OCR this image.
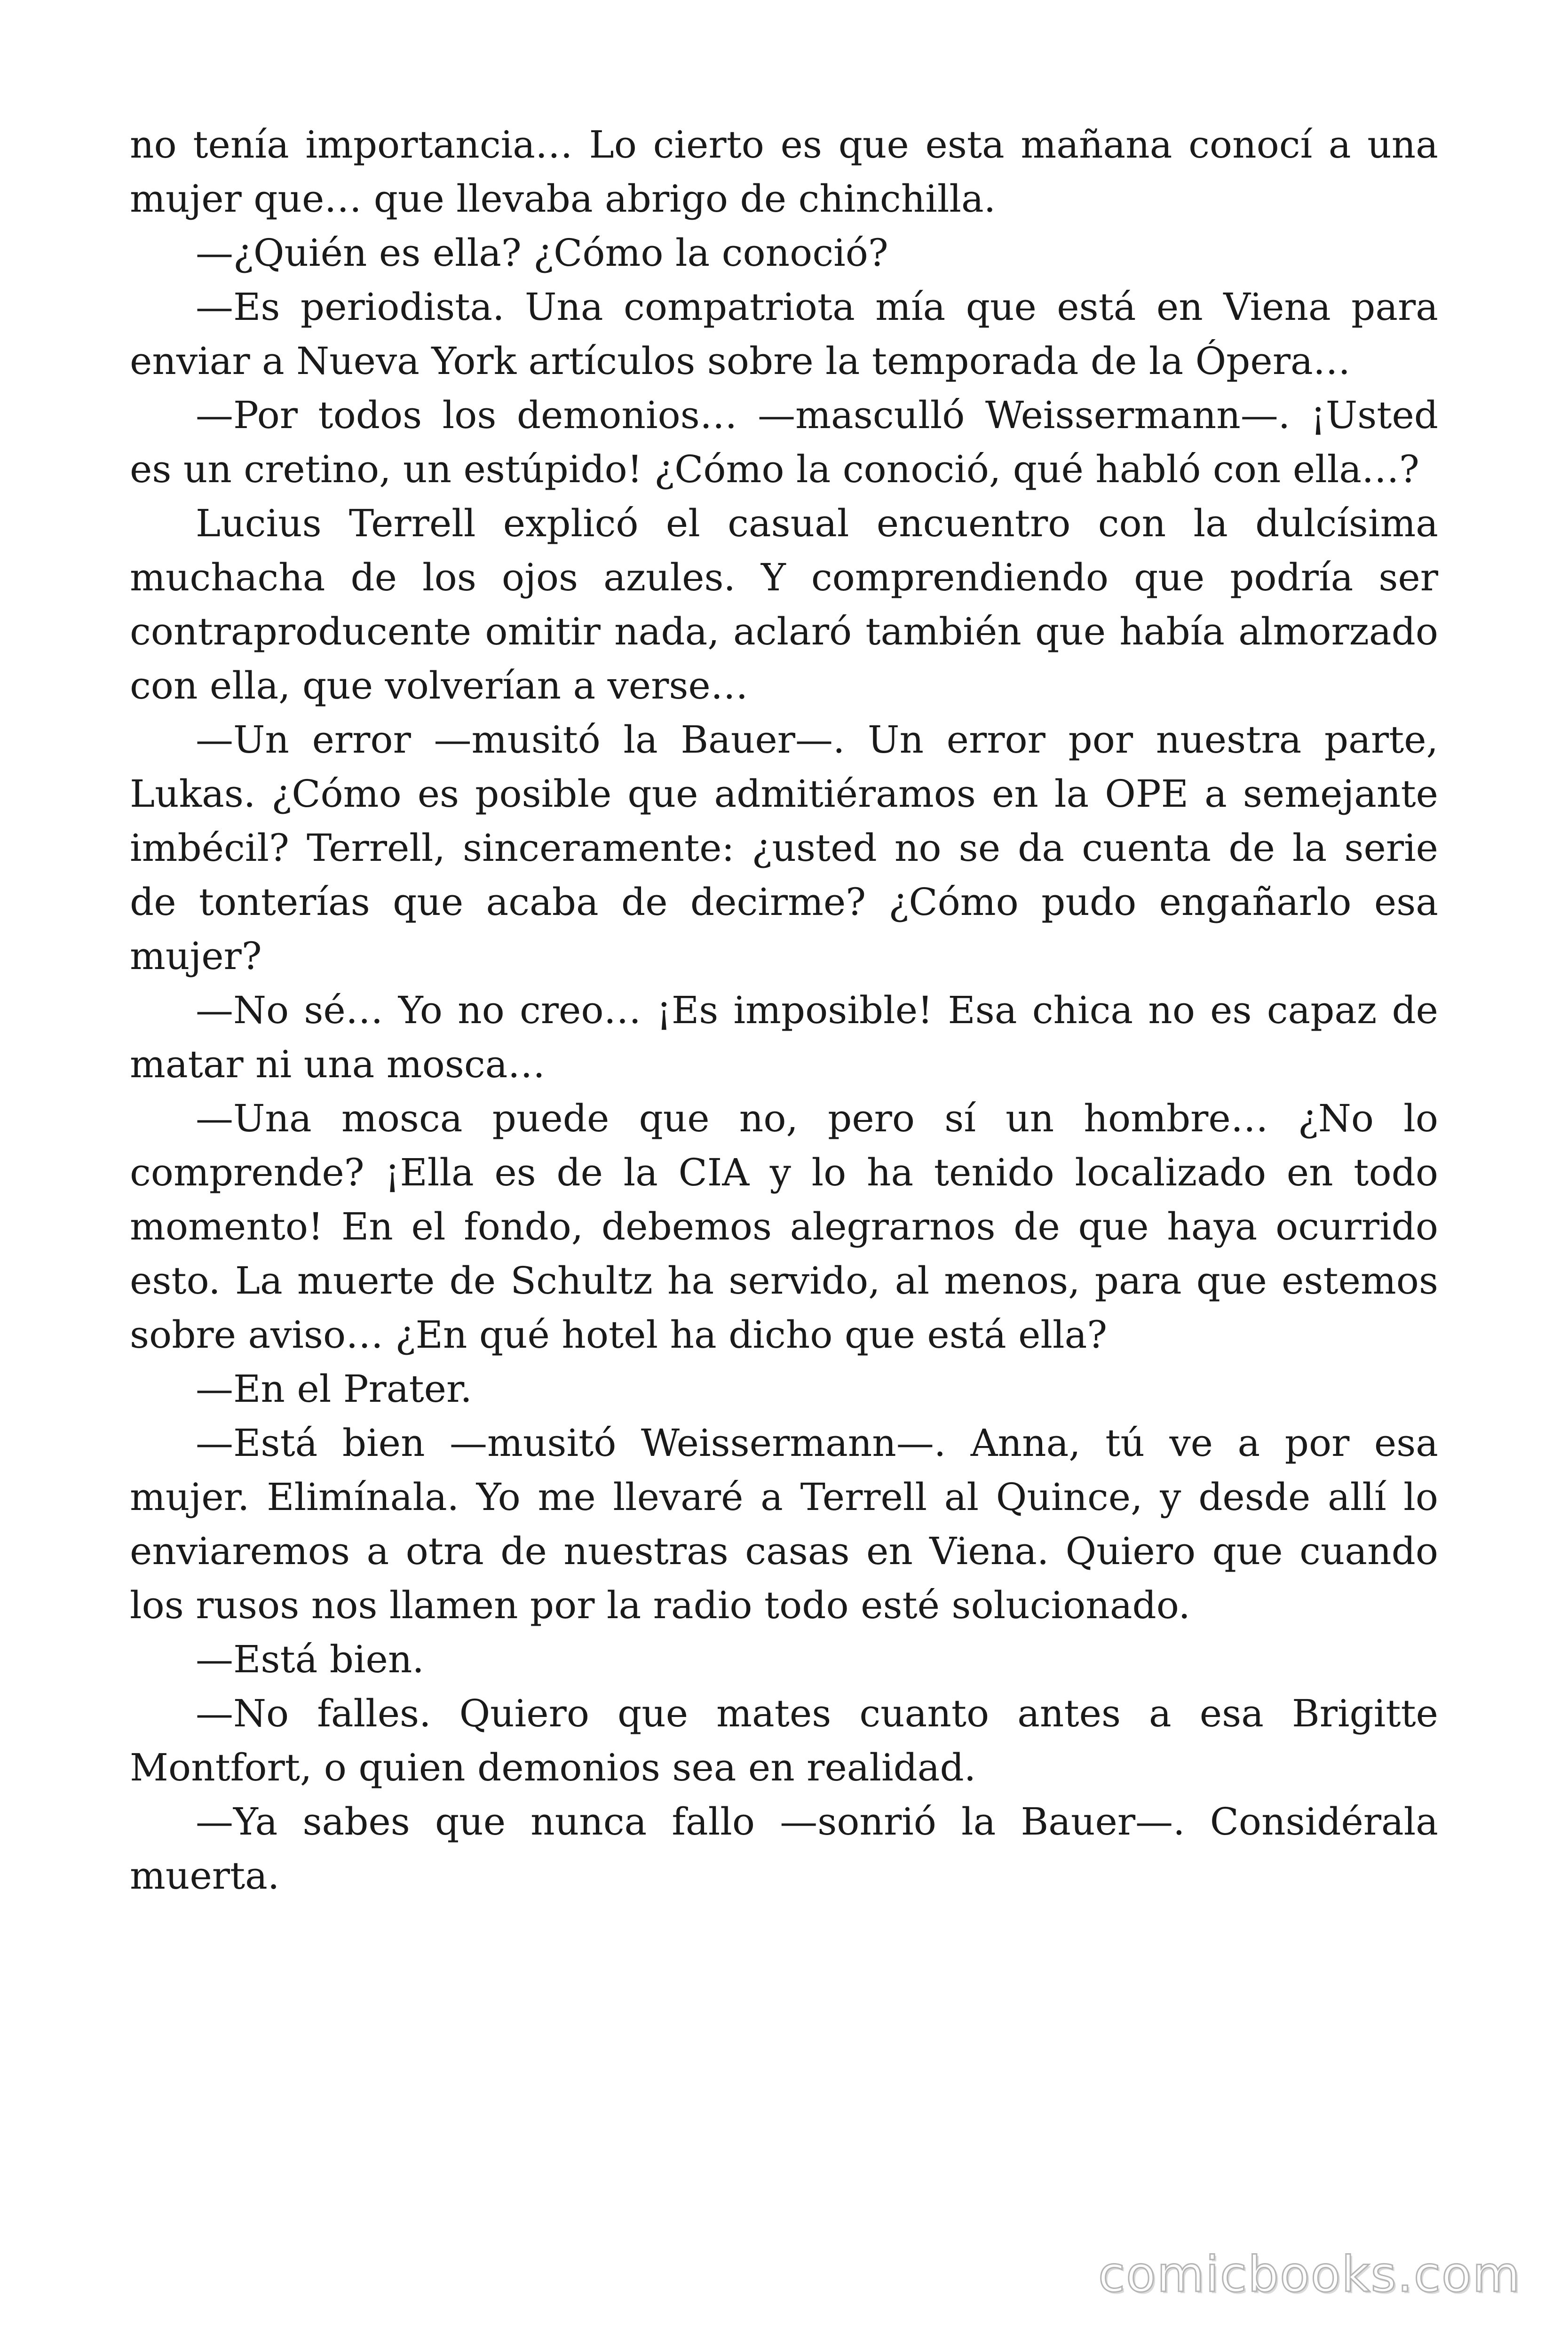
no tenía importancia… Lo cierto es que esta mañana conocí a una mujer que… que llevaba abrigo de chinchilla.

—¿Quién es ella? ¿Cómo la conoció?

—Es periodista. Una compatriota mía que está en Viena para enviar a Nueva York artículos sobre la temporada de la Ópera…

—Por todos los demonios… —masculló Weissermann—. ¡Usted es un cretino, un estúpido! ¿Cómo la conoció, qué habló con ella…?

Lucius Terrell explicó el casual encuentro con la dulcísima muchacha de los ojos azules. Y comprendiendo que podría ser contraproducente omitir nada, aclaró también que había almorzado con ella, que volverían a verse…

—Un error —musitó la Bauer—. Un error por nuestra parte, Lukas. ¿Cómo es posible que admitiéramos en la OPE a semejante imbécil? Terrell, sinceramente: ¿usted no se da cuenta de la serie de tonterías que acaba de decirme? ¿Cómo pudo engañarlo esa mujer?

—No sé… Yo no creo… ¡Es imposible! Esa chica no es capaz de matar ni una mosca…

—Una mosca puede que no, pero sí un hombre… ¿No lo comprende? ¡Ella es de la CIA y lo ha tenido localizado en todo momento! En el fondo, debemos alegrarnos de que haya ocurrido esto. La muerte de Schultz ha servido, al menos, para que estemos sobre aviso… ¿En qué hotel ha dicho que está ella?

—En el Prater.

—Está bien —musitó Weissermann—. Anna, tú ve a por esa mujer. Elimínala. Yo me llevaré a Terrell al Quince, y desde allí lo enviaremos a otra de nuestras casas en Viena. Quiero que cuando los rusos nos llamen por la radio todo esté solucionado.

—Está bien.

—No falles. Quiero que mates cuanto antes a esa Brigitte Montfort, o quien demonios sea en realidad.

—Ya sabes que nunca fallo —sonrió la Bauer—. Considérala muerta.

comicbooks.com
